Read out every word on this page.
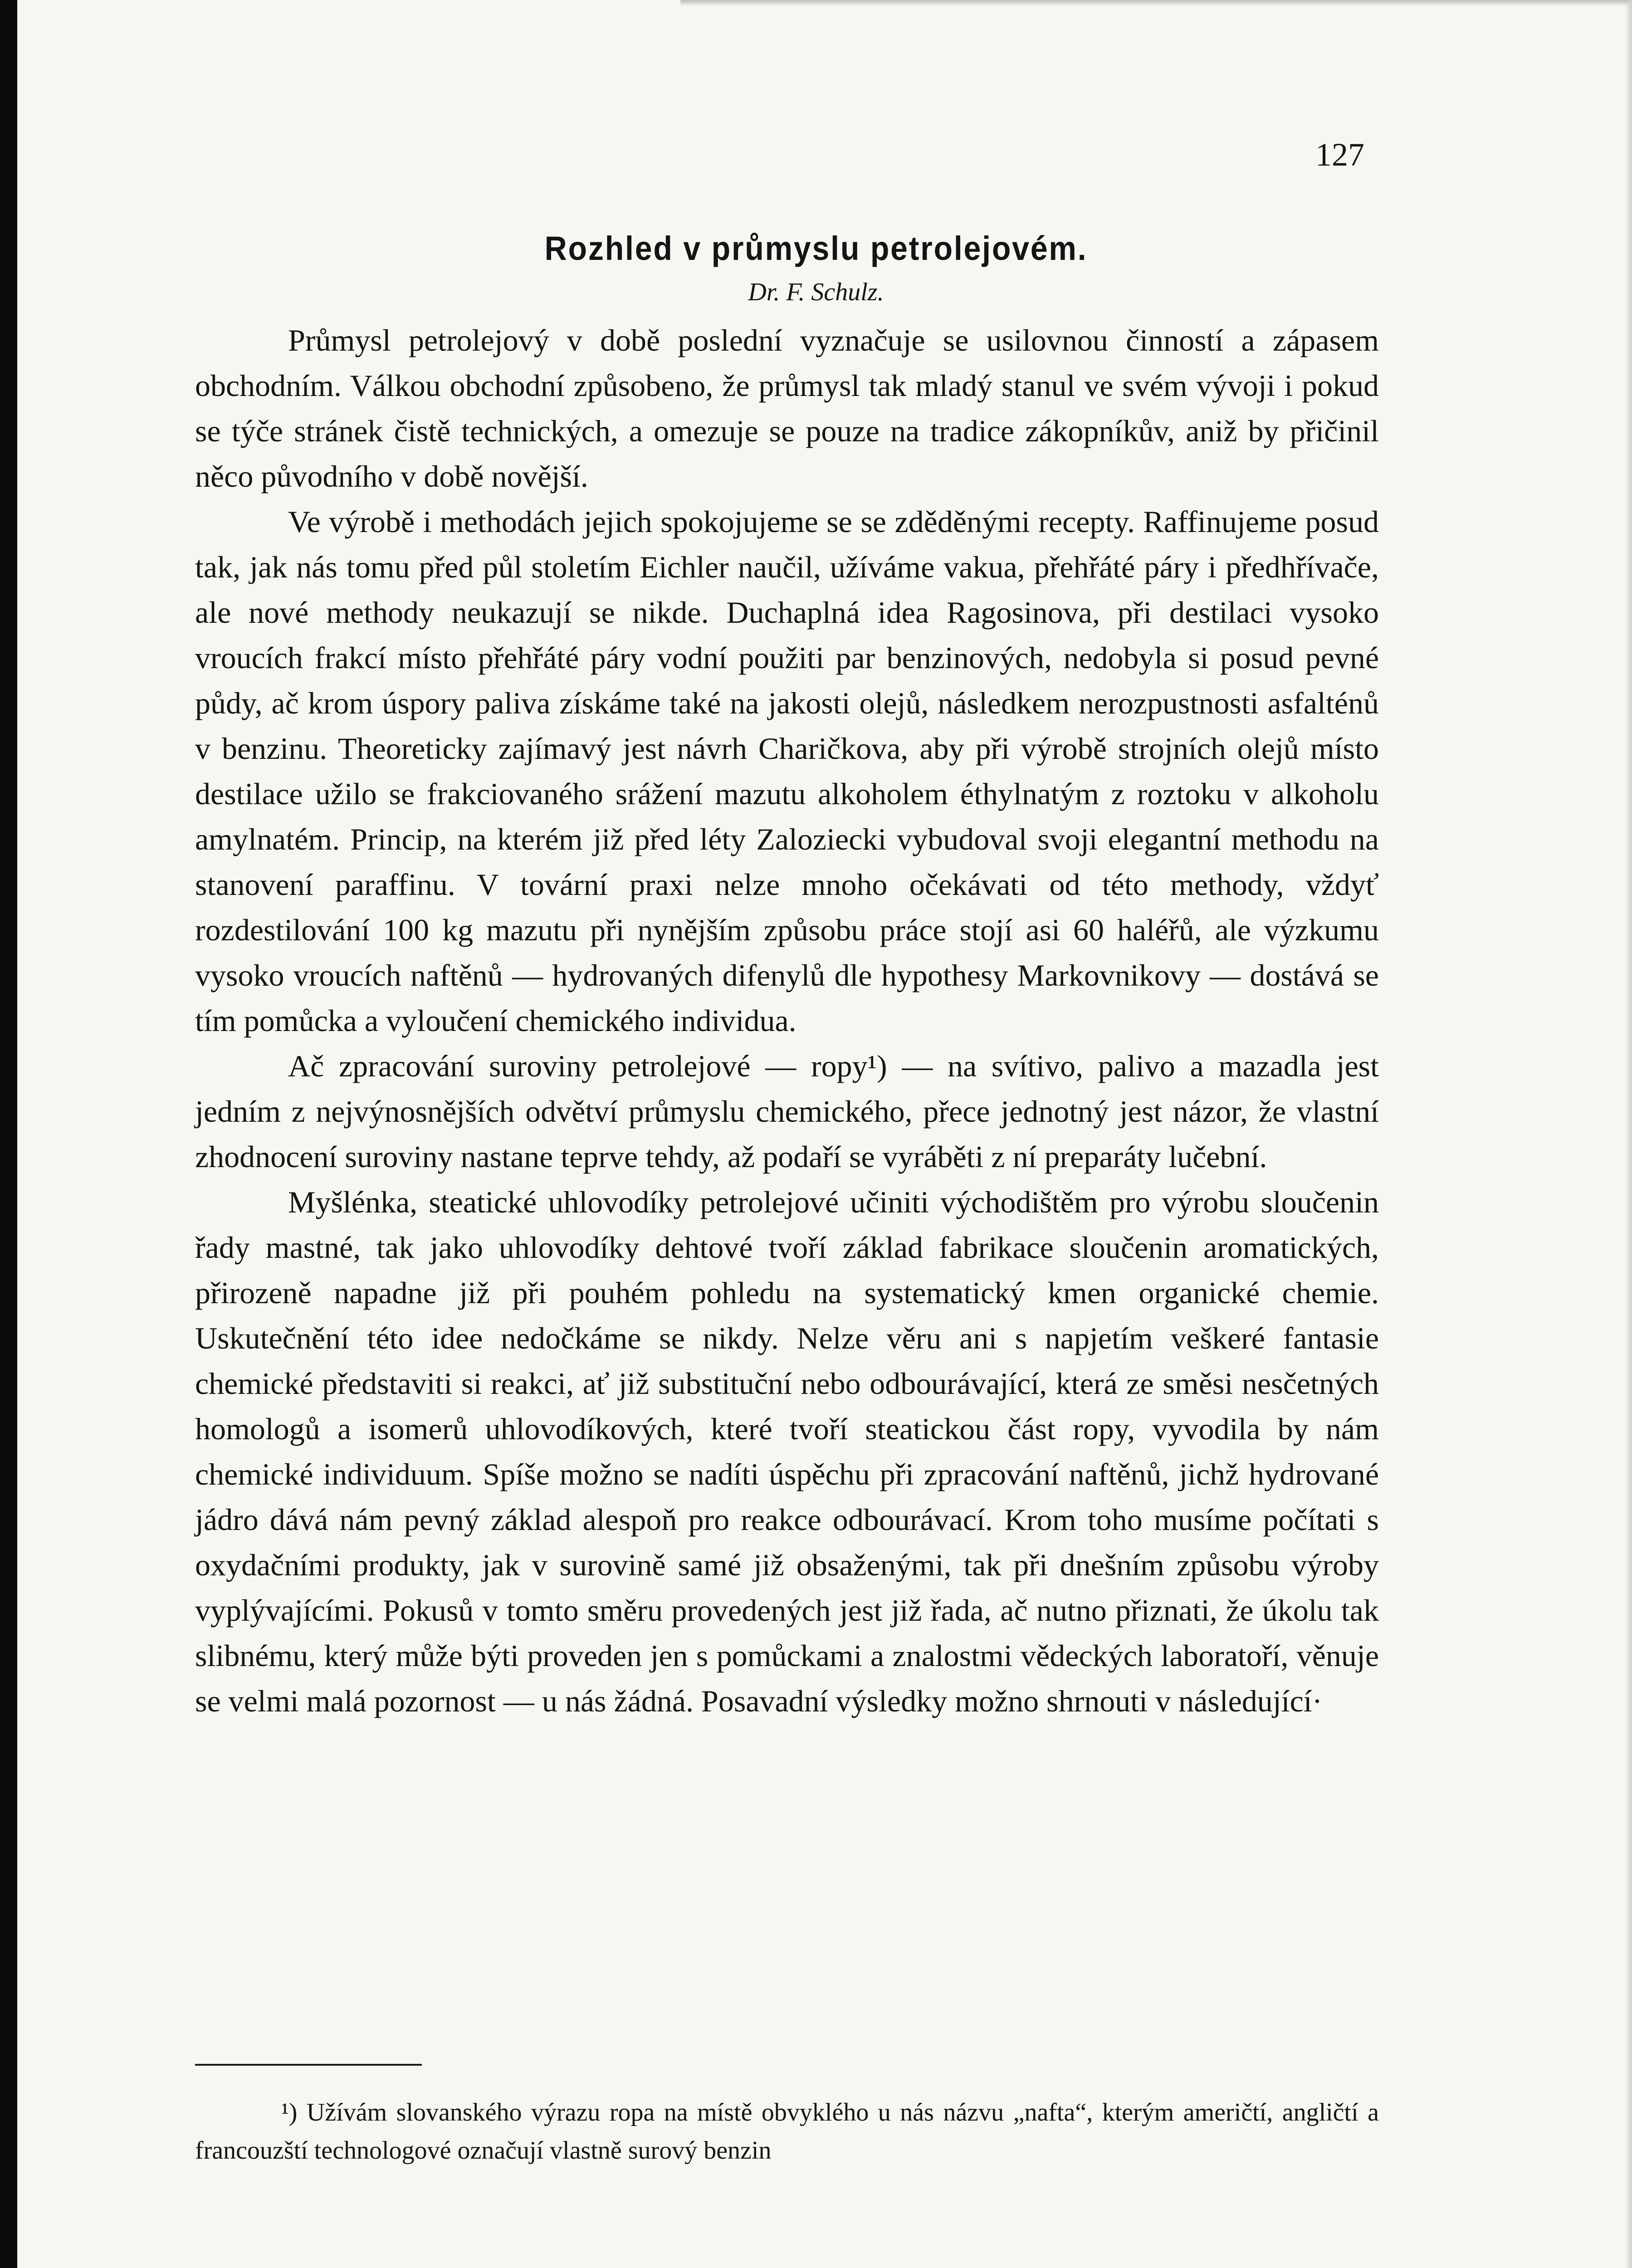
127
Rozhled v průmyslu petrolejovém.
Dr. F. Schulz.

Průmysl petrolejový v době poslední vyznačuje se usilovnou činností a zápasem obchodním. Válkou obchodní způsobeno, že průmysl tak mladý stanul ve svém vývoji i pokud se týče stránek čistě technických, a omezuje se pouze na tradice zákopníkův, aniž by přičinil něco původního v době novější.

Ve výrobě i methodách jejich spokojujeme se se zděděnými recepty. Raffinujeme posud tak, jak nás tomu před půl stoletím Eichler naučil, užíváme vakua, přehřáté páry i předhřívače, ale nové methody neukazují se nikde. Duchaplná idea Ragosinova, při destilaci vysoko vroucích frakcí místo přehřáté páry vodní použiti par benzinových, nedobyla si posud pevné půdy, ač krom úspory paliva získáme také na jakosti olejů, následkem nerozpustnosti asfalténů v benzinu. Theoreticky zajímavý jest návrh Charičkova, aby při výrobě strojních olejů místo destilace užilo se frakciovaného srážení mazutu alkoholem éthylnatým z roztoku v alkoholu amylnatém. Princip, na kterém již před léty Zaloziecki vybudoval svoji elegantní methodu na stanovení paraffinu. V tovární praxi nelze mnoho očekávati od této methody, vždyť rozdestilování 100 kg mazutu při nynějším způsobu práce stojí asi 60 haléřů, ale výzkumu vysoko vroucích naftěnů — hydrovaných difenylů dle hypothesy Markovnikovy — dostává se tím pomůcka a vyloučení chemického individua.

Ač zpracování suroviny petrolejové — ropy¹) — na svítivo, palivo a mazadla jest jedním z nejvýnosnějších odvětví průmyslu chemického, přece jednotný jest názor, že vlastní zhodnocení suroviny nastane teprve tehdy, až podaří se vyráběti z ní preparáty lučební.

Myšlénka, steatické uhlovodíky petrolejové učiniti východištěm pro výrobu sloučenin řady mastné, tak jako uhlovodíky dehtové tvoří základ fabrikace sloučenin aromatických, přirozeně napadne již při pouhém pohledu na systematický kmen organické chemie. Uskutečnění této idee nedočkáme se nikdy. Nelze věru ani s napjetím veškeré fantasie chemické představiti si reakci, ať již substituční nebo odbourávající, která ze směsi nesčetných homologů a isomerů uhlovodíkových, které tvoří steatickou část ropy, vyvodila by nám chemické individuum. Spíše možno se nadíti úspěchu při zpracování naftěnů, jichž hydrované jádro dává nám pevný základ alespoň pro reakce odbourávací. Krom toho musíme počítati s oxydačními produkty, jak v surovině samé již obsaženými, tak při dnešním způsobu výroby vyplývajícími. Pokusů v tomto směru provedených jest již řada, ač nutno přiznati, že úkolu tak slibnému, který může býti proveden jen s pomůckami a znalostmi vědeckých laboratoří, věnuje se velmi malá pozornost — u nás žádná. Posavadní výsledky možno shrnouti v následující·

¹) Užívám slovanského výrazu ropa na místě obvyklého u nás názvu „nafta“, kterým američtí, angličtí a francouzští technologové označují vlastně surový benzin
